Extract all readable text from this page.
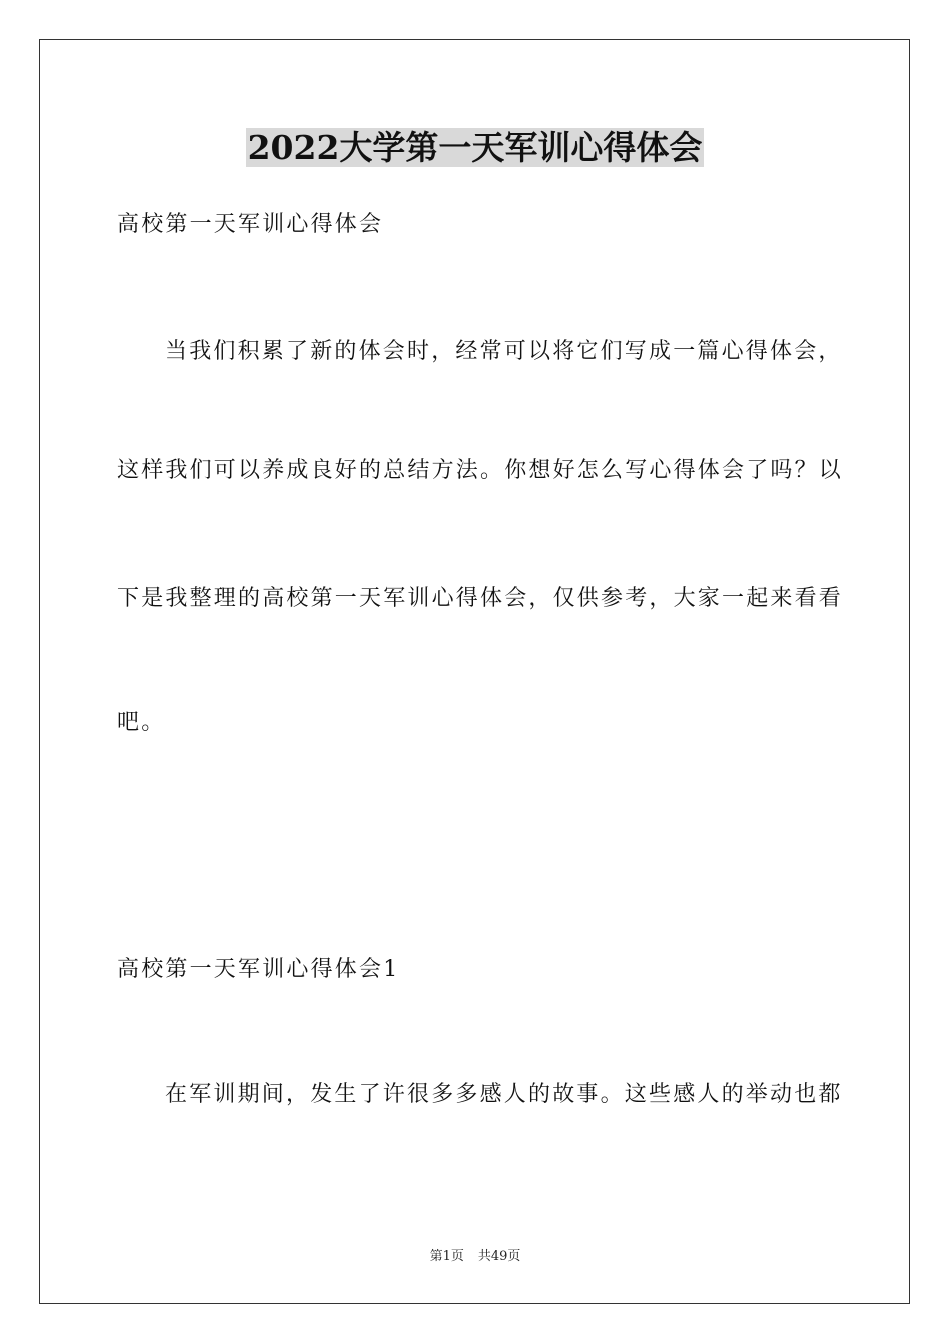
2022大学第一天军训心得体会
高校第一天军训心得体会
当我们积累了新的体会时，经常可以将它们写成一篇心得体会，
这样我们可以养成良好的总结方法。你想好怎么写心得体会了吗？以
下是我整理的高校第一天军训心得体会，仅供参考，大家一起来看看
吧。
高校第一天军训心得体会1
在军训期间，发生了许很多多感人的故事。这些感人的举动也都
第1页 共49页
